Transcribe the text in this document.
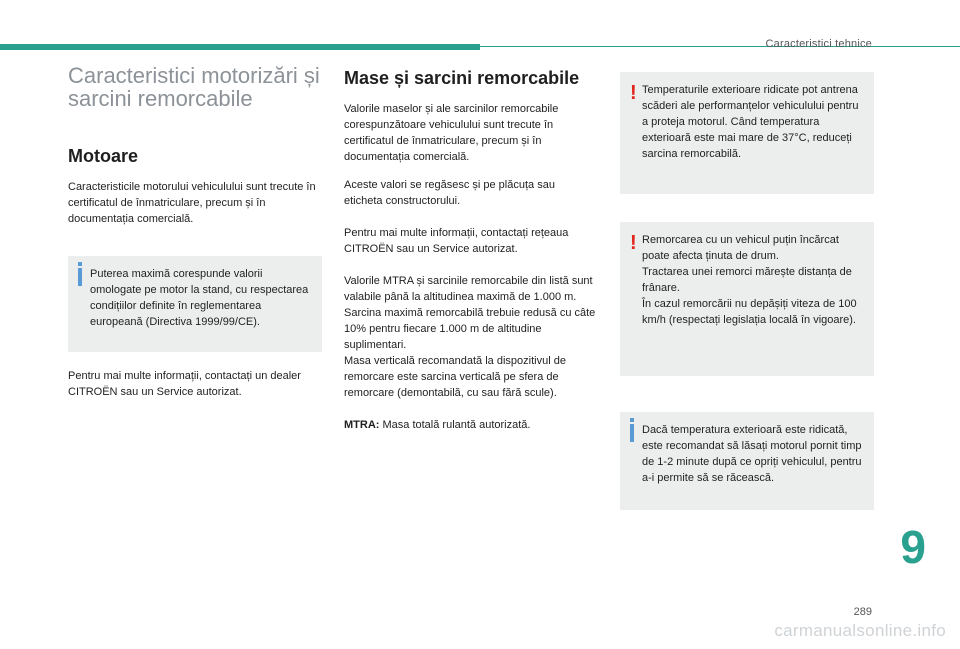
Caracteristici tehnice
Caracteristici motorizări și sarcini remorcabile
Motoare

Caracteristicile motorului vehiculului sunt trecute în certificatul de înmatriculare, precum și în documentația comercială.

Puterea maximă corespunde valorii omologate pe motor la stand, cu respectarea condițiilor definite în reglementarea europeană (Directiva 1999/99/CE).

Pentru mai multe informații, contactați un dealer CITROËN sau un Service autorizat.

Mase și sarcini remorcabile

Valorile maselor și ale sarcinilor remorcabile corespunzătoare vehiculului sunt trecute în certificatul de înmatriculare, precum și în documentația comercială.

Aceste valori se regăsesc și pe plăcuța sau eticheta constructorului.

Pentru mai multe informații, contactați rețeaua CITROËN sau un Service autorizat.

Valorile MTRA și sarcinile remorcabile din listă sunt valabile până la altitudinea maximă de 1.000 m. Sarcina maximă remorcabilă trebuie redusă cu câte 10% pentru fiecare 1.000 m de altitudine suplimentari.

Masa verticală recomandată la dispozitivul de remorcare este sarcina verticală pe sfera de remorcare (demontabilă, cu sau fără scule).

MTRA: Masa totală rulantă autorizată.

! Temperaturile exterioare ridicate pot antrena scăderi ale performanțelor vehiculului pentru a proteja motorul. Când temperatura exterioară este mai mare de 37°C, reduceți sarcina remorcabilă.

! Remorcarea cu un vehicul puțin încărcat poate afecta ținuta de drum.

Tractarea unei remorci mărește distanța de frânare.

În cazul remorcării nu depășiți viteza de 100 km/h (respectați legislația locală în vigoare).

Dacă temperatura exterioară este ridicată, este recomandat să lăsați motorul pornit timp de 1-2 minute după ce opriți vehiculul, pentru a-i permite să se răcească.

9
289
carmanualsonline.info
